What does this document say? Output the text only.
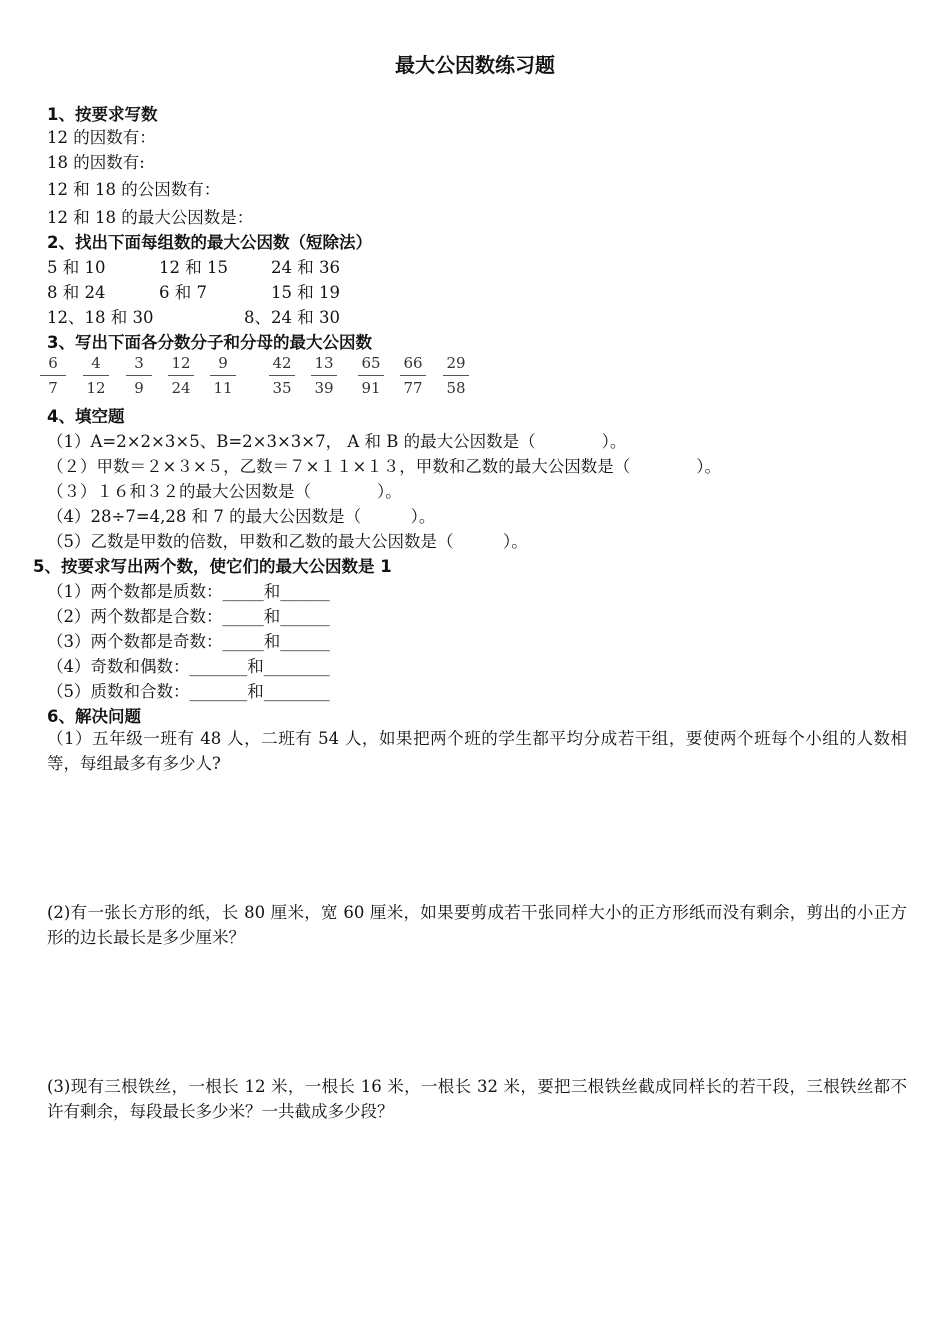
最大公因数练习题
1、按要求写数
12 的因数有：
18 的因数有:
12 和 18 的公因数有：
12 和 18 的最大公因数是：
2、找出下面每组数的最大公因数（短除法）
5 和 10	12 和 15	24 和 36
8 和 24	6 和 7	15 和 19
12、18 和 30	8、24 和 30
3、写出下面各分数分子和分母的最大公因数
6
7
4
12
3
9
12
24
9
11
42
35
13
39
65
91
66
77
29
58
4、填空题
（1）A=2×2×3×5、B=2×3×3×7， A 和 B 的最大公因数是（　　　　）。
（２）甲数＝２×３×５，乙数＝７×１１×１３，甲数和乙数的最大公因数是（　　　　）。
（３）１６和３２的最大公因数是（　　　　）。
（4）28÷7=4,28 和 7 的最大公因数是（　　　）。
（5）乙数是甲数的倍数，甲数和乙数的最大公因数是（　　　）。
5、按要求写出两个数，使它们的最大公因数是 1
（1）两个数都是质数：_____和______
（2）两个数都是合数：_____和______
（3）两个数都是奇数：_____和______
（4）奇数和偶数：_______和________
（5）质数和合数：_______和________
6、解决问题
（1）五年级一班有 48 人，二班有 54 人，如果把两个班的学生都平均分成若干组，要使两个班每个小组的人数相等，每组最多有多少人?
(2)有一张长方形的纸，长 80 厘米，宽 60 厘米，如果要剪成若干张同样大小的正方形纸而没有剩余，剪出的小正方形的边长最长是多少厘米？
(3)现有三根铁丝，一根长 12 米，一根长 16 米，一根长 32 米，要把三根铁丝截成同样长的若干段，三根铁丝都不许有剩余，每段最长多少米？一共截成多少段？
